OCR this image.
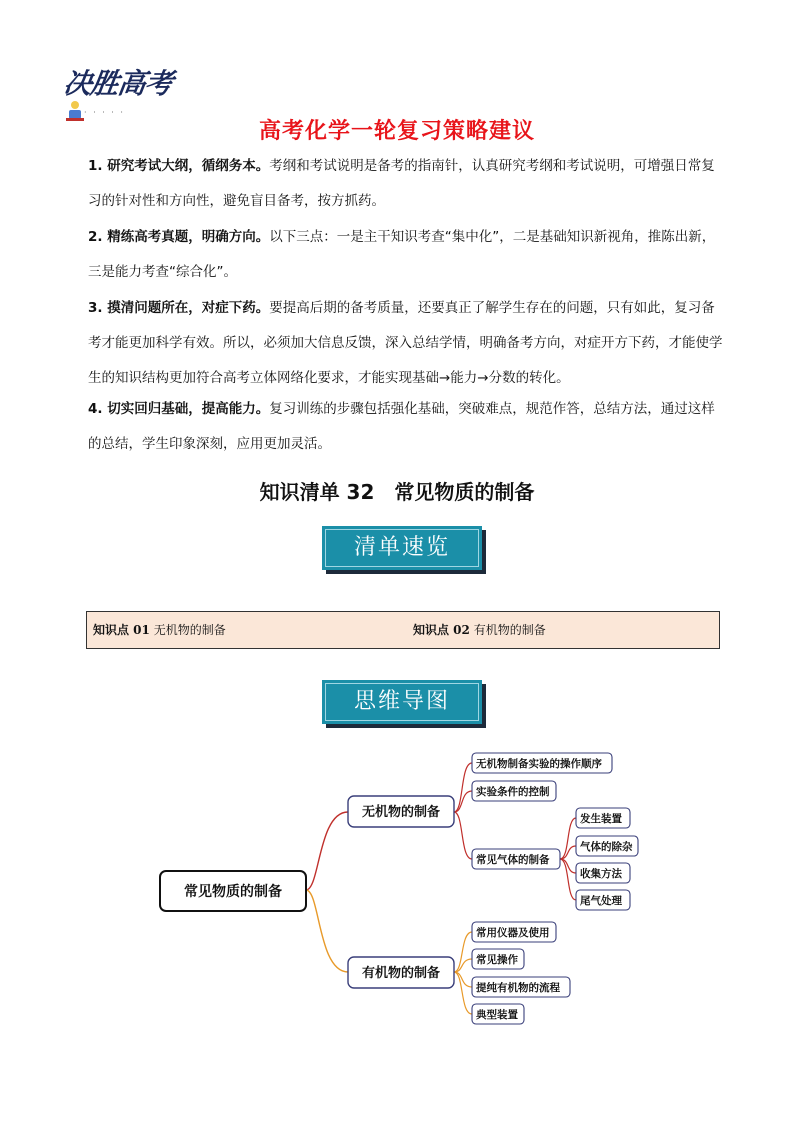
决胜高考
· · · · ·
高考化学一轮复习策略建议
1. 研究考试大纲，循纲务本。考纲和考试说明是备考的指南针，认真研究考纲和考试说明，可增强日常复习的针对性和方向性，避免盲目备考，按方抓药。
2. 精练高考真题，明确方向。以下三点：一是主干知识考查“集中化”，二是基础知识新视角，推陈出新，三是能力考查“综合化”。
3. 摸清问题所在，对症下药。要提高后期的备考质量，还要真正了解学生存在的问题，只有如此，复习备考才能更加科学有效。所以，必须加大信息反馈，深入总结学情，明确备考方向，对症开方下药，才能使学生的知识结构更加符合高考立体网络化要求，才能实现基础→能力→分数的转化。
4. 切实回归基础，提高能力。复习训练的步骤包括强化基础，突破难点，规范作答，总结方法，通过这样的总结，学生印象深刻，应用更加灵活。
知识清单 32　常见物质的制备
清单速览
知识点 01 无机物的制备	知识点 02 有机物的制备
思维导图
常见物质的制备
无机物的制备
有机物的制备
无机物制备实验的操作顺序
实验条件的控制
常见气体的制备
发生装置
气体的除杂
收集方法
尾气处理
常用仪器及使用
常见操作
提纯有机物的流程
典型装置
